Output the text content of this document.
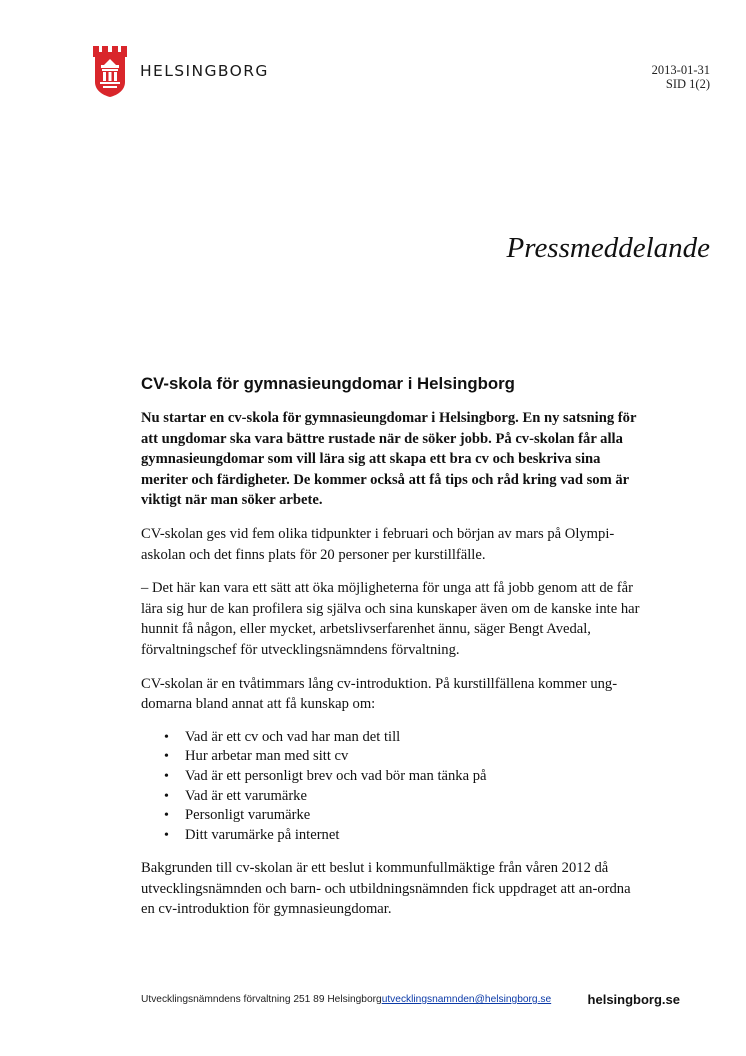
HELSINGBORG	2013-01-31
SID 1(2)
Pressmeddelande
CV-skola för gymnasieungdomar i Helsingborg

Nu startar en cv-skola för gymnasieungdomar i Helsingborg. En ny satsning för att ungdomar ska vara bättre rustade när de söker jobb. På cv-skolan får alla gymnasieungdomar som vill lära sig att skapa ett bra cv och beskriva sina meriter och färdigheter. De kommer också att få tips och råd kring vad som är viktigt när man söker arbete.

CV-skolan ges vid fem olika tidpunkter i februari och början av mars på Olympi-askolan och det finns plats för 20 personer per kurstillfälle.

– Det här kan vara ett sätt att öka möjligheterna för unga att få jobb genom att de får lära sig hur de kan profilera sig själva och sina kunskaper även om de kanske inte har hunnit få någon, eller mycket, arbetslivserfarenhet ännu, säger Bengt Avedal, förvaltningschef för utvecklingsnämndens förvaltning.

CV-skolan är en tvåtimmars lång cv-introduktion. På kurstillfällena kommer ung-domarna bland annat att få kunskap om:

• Vad är ett cv och vad har man det till
• Hur arbetar man med sitt cv
• Vad är ett personligt brev och vad bör man tänka på
• Vad är ett varumärke
• Personligt varumärke
• Ditt varumärke på internet

Bakgrunden till cv-skolan är ett beslut i kommunfullmäktige från våren 2012 då utvecklingsnämnden och barn- och utbildningsnämnden fick uppdraget att an-ordna en cv-introduktion för gymnasieungdomar.

Utvecklingsnämndens förvaltning 251 89 Helsingborgutvecklingsnamnden@helsingborg.se	helsingborg.se
